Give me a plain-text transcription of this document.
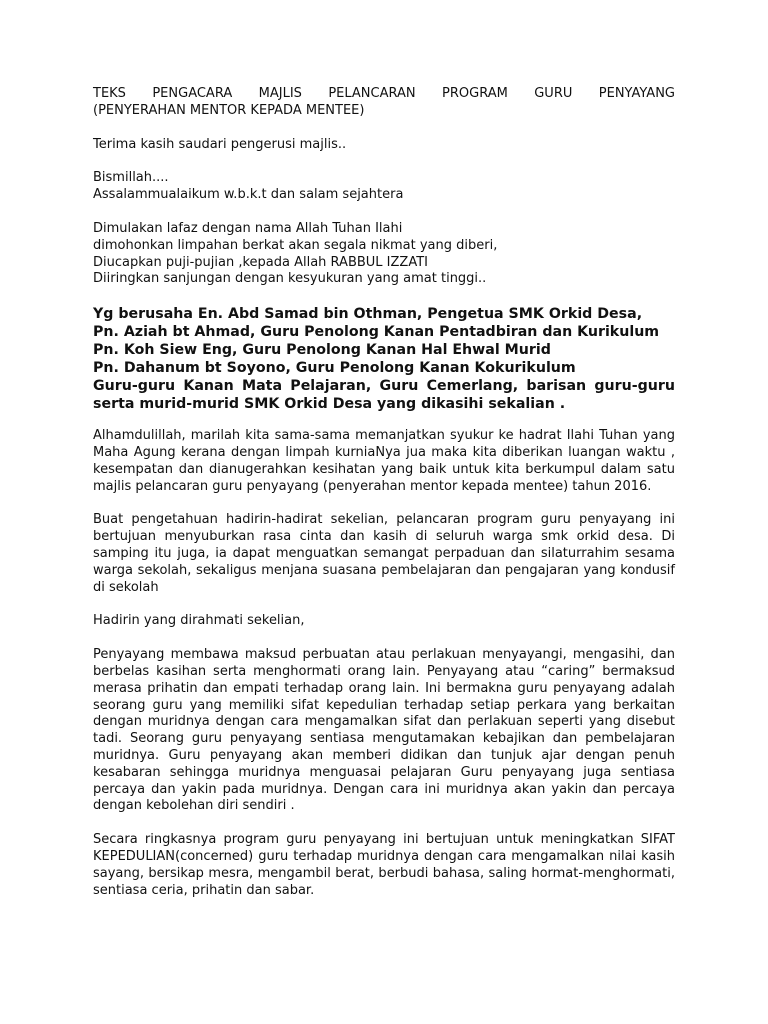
TEKS PENGACARA MAJLIS PELANCARAN PROGRAM GURU PENYAYANG
(PENYERAHAN MENTOR KEPADA MENTEE)

Terima kasih saudari pengerusi majlis..

Bismillah....
Assalammualaikum w.b.k.t dan salam sejahtera
Dimulakan lafaz dengan nama Allah Tuhan Ilahi
dimohonkan limpahan berkat akan segala nikmat yang diberi,
Diucapkan puji-pujian ,kepada Allah RABBUL IZZATI
Diiringkan sanjungan dengan kesyukuran yang amat tinggi..
Yg berusaha En. Abd Samad bin Othman, Pengetua SMK Orkid Desa,
Pn. Aziah bt Ahmad, Guru Penolong Kanan Pentadbiran dan Kurikulum
Pn. Koh Siew Eng, Guru Penolong Kanan Hal Ehwal Murid
Pn. Dahanum bt Soyono, Guru Penolong Kanan Kokurikulum
Guru-guru Kanan Mata Pelajaran, Guru Cemerlang, barisan guru-guru serta murid-murid SMK Orkid Desa yang dikasihi sekalian .

Alhamdulillah, marilah kita sama-sama memanjatkan syukur ke hadrat Ilahi Tuhan yang Maha Agung kerana dengan limpah kurniaNya jua maka kita diberikan luangan waktu , kesempatan dan dianugerahkan kesihatan yang baik untuk kita berkumpul dalam satu majlis pelancaran guru penyayang (penyerahan mentor kepada mentee) tahun 2016.

Buat pengetahuan hadirin-hadirat sekelian, pelancaran program guru penyayang ini bertujuan menyuburkan rasa cinta dan kasih di seluruh warga smk orkid desa. Di samping itu juga, ia dapat menguatkan semangat perpaduan dan silaturrahim sesama warga sekolah, sekaligus menjana suasana pembelajaran dan pengajaran yang kondusif di sekolah

Hadirin yang dirahmati sekelian,

Penyayang membawa maksud perbuatan atau perlakuan menyayangi, mengasihi, dan berbelas kasihan serta menghormati orang lain. Penyayang atau “caring” bermaksud merasa prihatin dan empati terhadap orang lain. Ini bermakna guru penyayang adalah seorang guru yang memiliki sifat kepedulian terhadap setiap perkara yang berkaitan dengan muridnya dengan cara mengamalkan sifat dan perlakuan seperti yang disebut tadi. Seorang guru penyayang sentiasa mengutamakan kebajikan dan pembelajaran muridnya. Guru penyayang akan memberi didikan dan tunjuk ajar dengan penuh kesabaran sehingga muridnya menguasai pelajaran Guru penyayang juga sentiasa percaya dan yakin pada muridnya. Dengan cara ini muridnya akan yakin dan percaya dengan kebolehan diri sendiri .

Secara ringkasnya program guru penyayang ini bertujuan untuk meningkatkan SIFAT KEPEDULIAN(concerned) guru terhadap muridnya dengan cara mengamalkan nilai kasih sayang, bersikap mesra, mengambil berat, berbudi bahasa, saling hormat-menghormati, sentiasa ceria, prihatin dan sabar.
